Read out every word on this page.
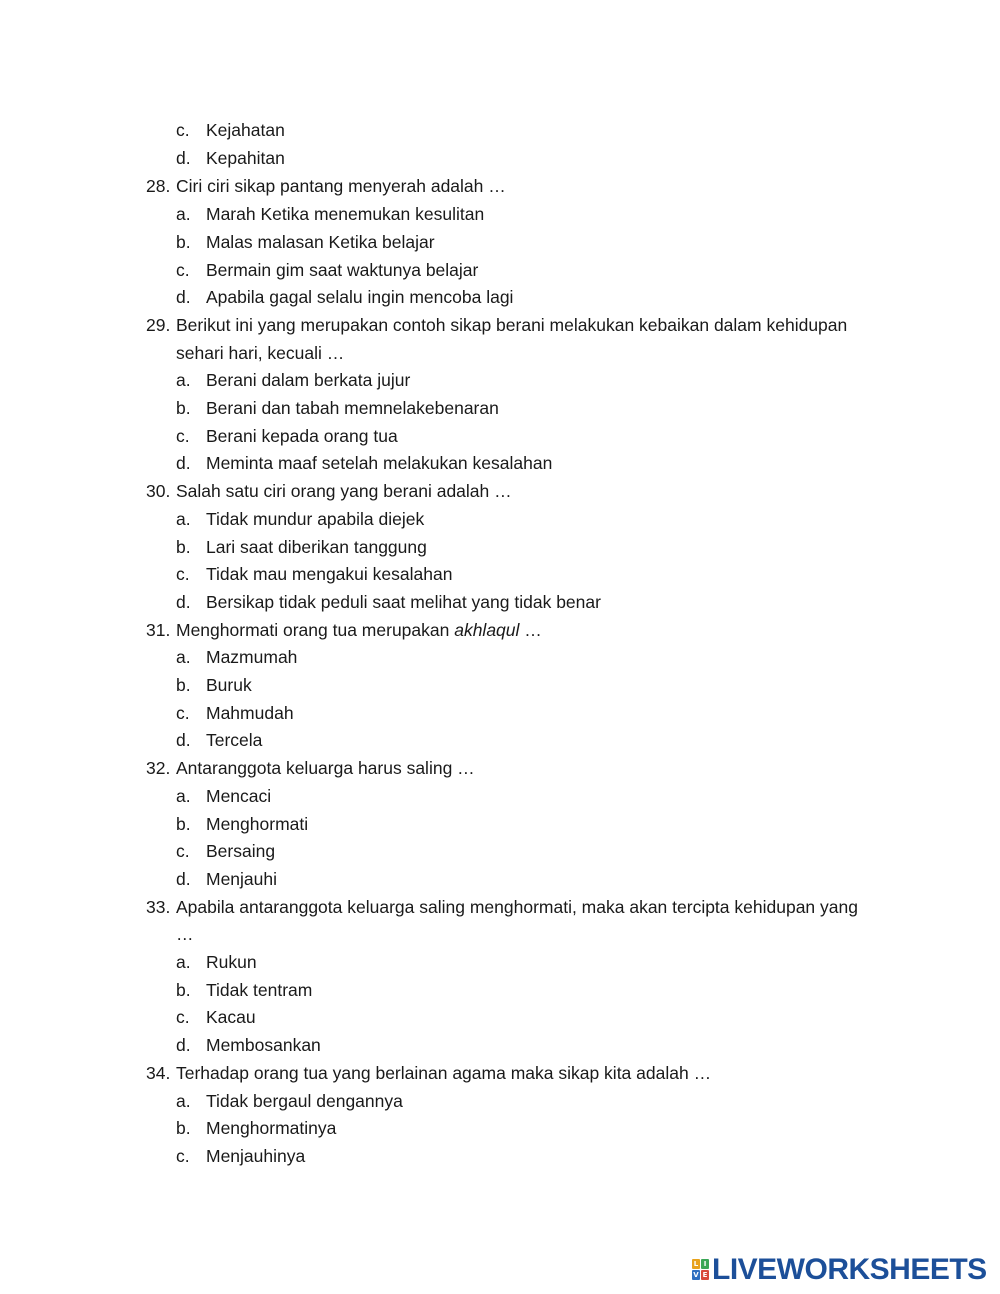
c. Kejahatan
d. Kepahitan
28. Ciri ciri sikap pantang menyerah adalah …
a. Marah Ketika menemukan kesulitan
b. Malas malasan Ketika belajar
c. Bermain gim saat waktunya belajar
d. Apabila gagal selalu ingin mencoba lagi
29. Berikut ini yang merupakan contoh sikap berani melakukan kebaikan dalam kehidupan
sehari hari, kecuali …
a. Berani dalam berkata jujur
b. Berani dan tabah memnelakebenaran
c. Berani kepada orang tua
d. Meminta maaf setelah melakukan kesalahan
30. Salah satu ciri orang yang berani adalah …
a. Tidak mundur apabila diejek
b. Lari saat diberikan tanggung
c. Tidak mau mengakui kesalahan
d. Bersikap tidak peduli saat melihat yang tidak benar
31. Menghormati orang tua merupakan akhlaqul …
a. Mazmumah
b. Buruk
c. Mahmudah
d. Tercela
32. Antaranggota keluarga harus saling …
a. Mencaci
b. Menghormati
c. Bersaing
d. Menjauhi
33. Apabila antaranggota keluarga saling menghormati, maka akan tercipta kehidupan yang
…
a. Rukun
b. Tidak tentram
c. Kacau
d. Membosankan
34. Terhadap orang tua yang berlainan agama maka sikap kita adalah …
a. Tidak bergaul dengannya
b. Menghormatinya
c. Menjauhinya
L I
V E LIVEWORKSHEETS
